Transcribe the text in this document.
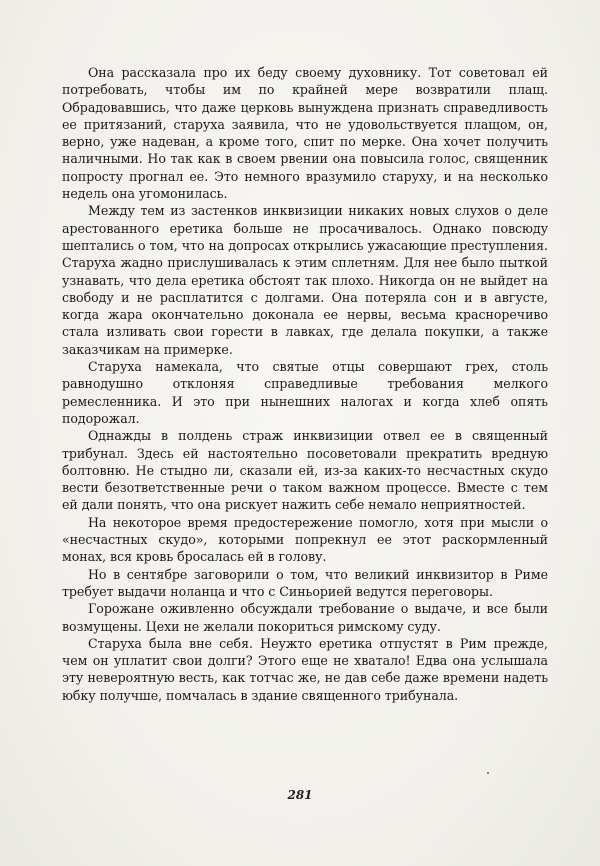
Она рассказала про их беду своему духовнику. Тот советовал ей потребовать, чтобы им по крайней мере возвратили плащ. Обрадовавшись, что даже церковь вынуждена признать справедливость ее притязаний, старуха заявила, что не удовольствуется плащом, он, верно, уже надеван, а кроме того, спит по мерке. Она хочет получить наличными. Но так как в своем рвении она повысила голос, священник попросту прогнал ее. Это немного вразумило старуху, и на несколько недель она угомонилась.

Между тем из застенков инквизиции никаких новых слухов о деле арестованного еретика больше не просачивалось. Однако повсюду шептались о том, что на допросах открылись ужасающие преступления. Старуха жадно прислушивалась к этим сплетням. Для нее было пыткой узнавать, что дела еретика обстоят так плохо. Никогда он не выйдет на свободу и не расплатится с долгами. Она потеряла сон и в августе, когда жара окончательно доконала ее нервы, весьма красноречиво стала изливать свои горести в лавках, где делала покупки, а также заказчикам на примерке.

Старуха намекала, что святые отцы совершают грех, столь равнодушно отклоняя справедливые требования мелкого ремесленника. И это при нынешних налогах и когда хлеб опять подорожал.

Однажды в полдень страж инквизиции отвел ее в священный трибунал. Здесь ей настоятельно посоветовали прекратить вредную болтовню. Не стыдно ли, сказали ей, из-за каких-то несчастных скудо вести безответственные речи о таком важном процессе. Вместе с тем ей дали понять, что она рискует нажить себе немало неприятностей.

На некоторое время предостережение помогло, хотя при мысли о «несчастных скудо», которыми попрекнул ее этот раскормленный монах, вся кровь бросалась ей в голову.

Но в сентябре заговорили о том, что великий инквизитор в Риме требует выдачи ноланца и что с Синьорией ведутся переговоры.

Горожане оживленно обсуждали требование о выдаче, и все были возмущены. Цехи не желали покориться римскому суду.

Старуха была вне себя. Неужто еретика отпустят в Рим прежде, чем он уплатит свои долги? Этого еще не хватало! Едва она услышала эту невероятную весть, как тотчас же, не дав себе даже времени надеть юбку получше, помчалась в здание священного трибунала.

281
